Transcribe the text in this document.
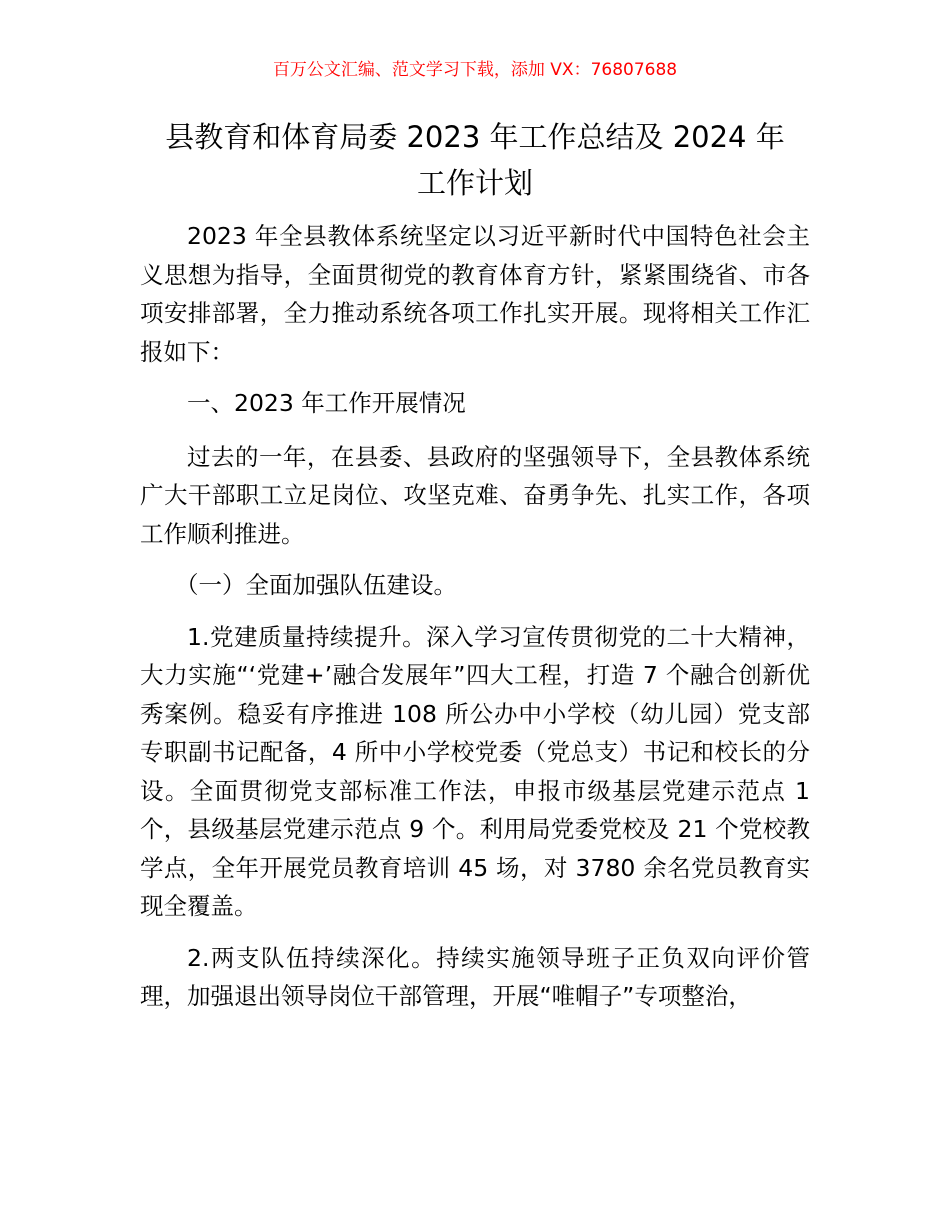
百万公文汇编、范文学习下载，添加 VX：76807688
县教育和体育局委 2023 年工作总结及 2024 年
工作计划

2023 年全县教体系统坚定以习近平新时代中国特色社会主义思想为指导，全面贯彻党的教育体育方针，紧紧围绕省、市各项安排部署，全力推动系统各项工作扎实开展。现将相关工作汇报如下：

一、2023 年工作开展情况

过去的一年，在县委、县政府的坚强领导下，全县教体系统广大干部职工立足岗位、攻坚克难、奋勇争先、扎实工作，各项工作顺利推进。

（一）全面加强队伍建设。

1.党建质量持续提升。深入学习宣传贯彻党的二十大精神，大力实施“‘党建+’融合发展年”四大工程，打造 7 个融合创新优秀案例。稳妥有序推进 108 所公办中小学校（幼儿园）党支部专职副书记配备，4 所中小学校党委（党总支）书记和校长的分设。全面贯彻党支部标准工作法，申报市级基层党建示范点 1 个，县级基层党建示范点 9 个。利用局党委党校及 21 个党校教学点，全年开展党员教育培训 45 场，对 3780 余名党员教育实现全覆盖。

2.两支队伍持续深化。持续实施领导班子正负双向评价管理，加强退出领导岗位干部管理，开展“唯帽子”专项整治，
